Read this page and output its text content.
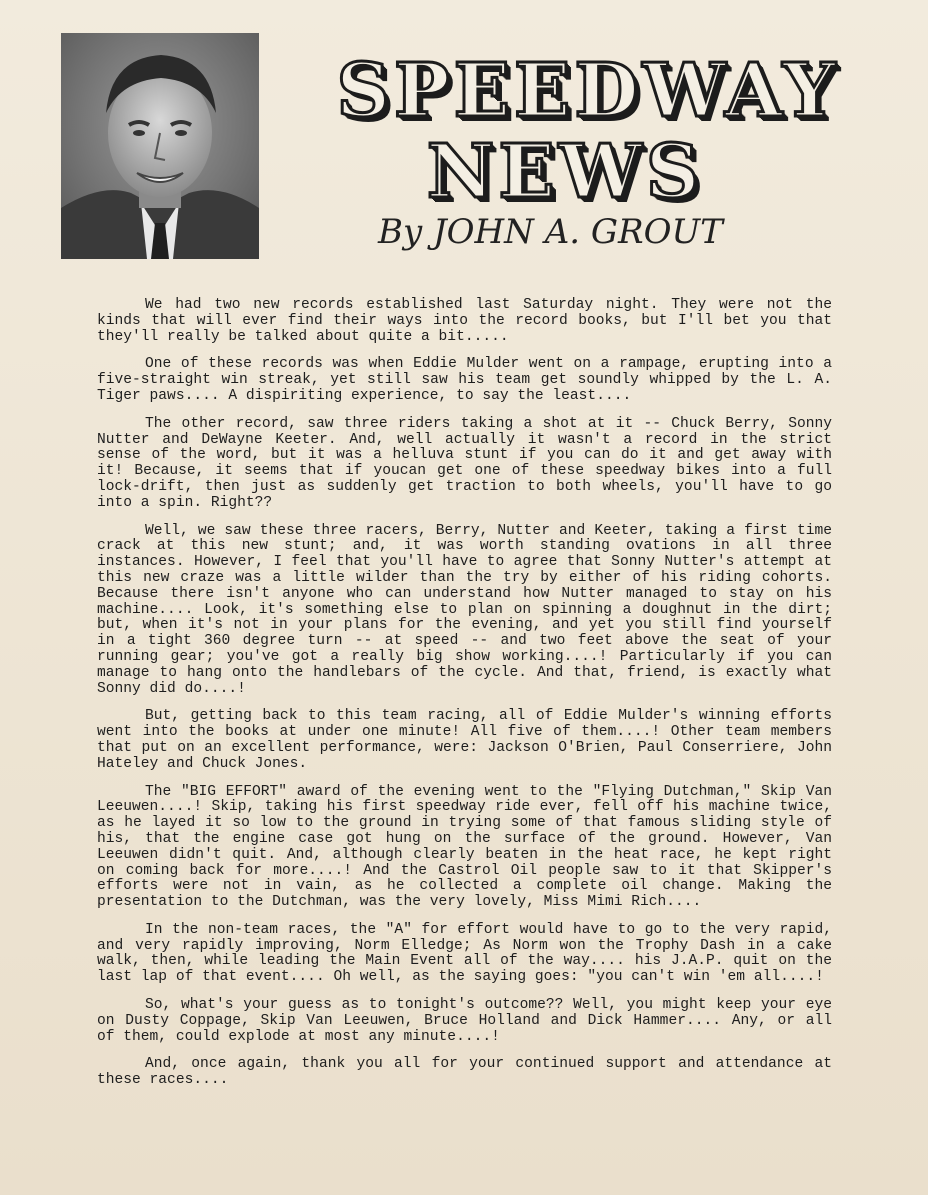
SPEEDWAY
NEWS
By JOHN A. GROUT

We had two new records established last Saturday night. They were not the kinds that will ever find their ways into the record books, but I'll bet you that they'll really be talked about quite a bit.....

One of these records was when Eddie Mulder went on a rampage, erupting into a five-straight win streak, yet still saw his team get soundly whipped by the L. A. Tiger paws.... A dispiriting experience, to say the least....

The other record, saw three riders taking a shot at it -- Chuck Berry, Sonny Nutter and DeWayne Keeter. And, well actually it wasn't a record in the strict sense of the word, but it was a helluva stunt if you can do it and get away with it! Because, it seems that if youcan get one of these speedway bikes into a full lock-drift, then just as suddenly get traction to both wheels, you'll have to go into a spin. Right??

Well, we saw these three racers, Berry, Nutter and Keeter, taking a first time crack at this new stunt; and, it was worth standing ovations in all three instances. However, I feel that you'll have to agree that Sonny Nutter's attempt at this new craze was a little wilder than the try by either of his riding cohorts. Because there isn't anyone who can understand how Nutter managed to stay on his machine.... Look, it's something else to plan on spinning a doughnut in the dirt; but, when it's not in your plans for the evening, and yet you still find yourself in a tight 360 degree turn -- at speed -- and two feet above the seat of your running gear; you've got a really big show working....! Particularly if you can manage to hang onto the handlebars of the cycle. And that, friend, is exactly what Sonny did do....!

But, getting back to this team racing, all of Eddie Mulder's winning efforts went into the books at under one minute! All five of them....! Other team members that put on an excellent performance, were: Jackson O'Brien, Paul Conserriere, John Hateley and Chuck Jones.

The "BIG EFFORT" award of the evening went to the "Flying Dutchman," Skip Van Leeuwen....! Skip, taking his first speedway ride ever, fell off his machine twice, as he layed it so low to the ground in trying some of that famous sliding style of his, that the engine case got hung on the surface of the ground. However, Van Leeuwen didn't quit. And, although clearly beaten in the heat race, he kept right on coming back for more....! And the Castrol Oil people saw to it that Skipper's efforts were not in vain, as he collected a complete oil change. Making the presentation to the Dutchman, was the very lovely, Miss Mimi Rich....

In the non-team races, the "A" for effort would have to go to the very rapid, and very rapidly improving, Norm Elledge; As Norm won the Trophy Dash in a cake walk, then, while leading the Main Event all of the way.... his J.A.P. quit on the last lap of that event.... Oh well, as the saying goes: "you can't win 'em all....!

So, what's your guess as to tonight's outcome?? Well, you might keep your eye on Dusty Coppage, Skip Van Leeuwen, Bruce Holland and Dick Hammer.... Any, or all of them, could explode at most any minute....!

And, once again, thank you all for your continued support and attendance at these races....
